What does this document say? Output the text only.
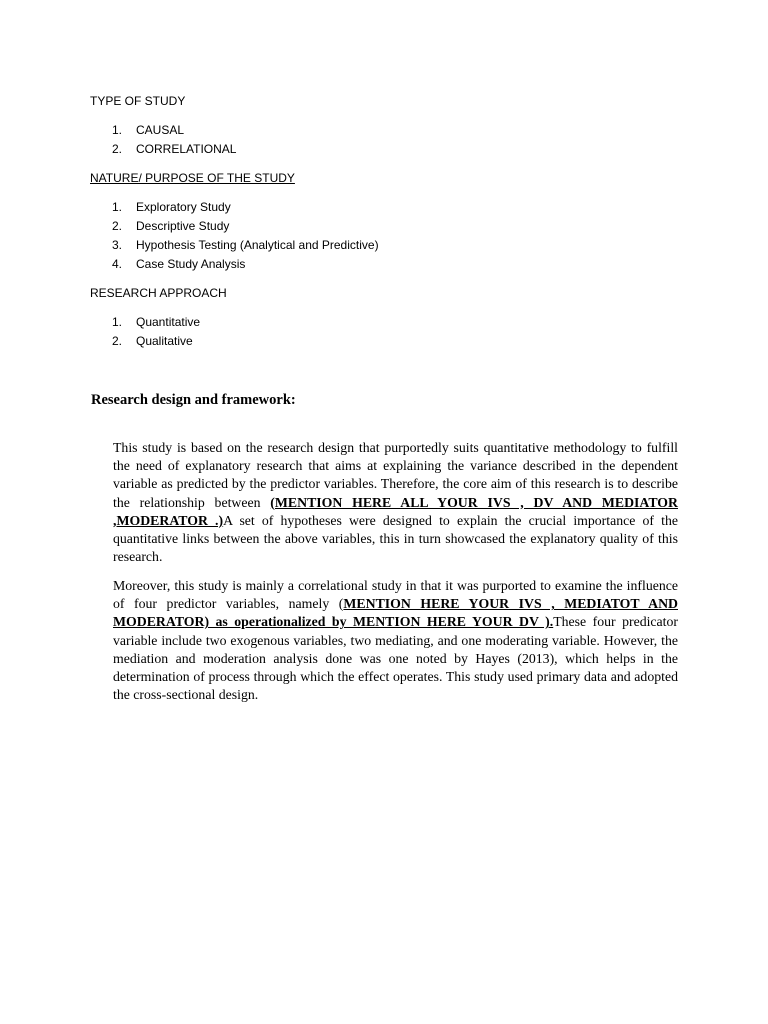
TYPE OF STUDY

1. CAUSAL
2. CORRELATIONAL

NATURE/ PURPOSE OF THE STUDY

1. Exploratory Study
2. Descriptive Study
3. Hypothesis Testing (Analytical and Predictive)
4. Case Study Analysis

RESEARCH APPROACH

1. Quantitative
2. Qualitative

Research design and framework:

This study is based on the research design that purportedly suits quantitative methodology to fulfill the need of explanatory research that aims at explaining the variance described in the dependent variable as predicted by the predictor variables. Therefore, the core aim of this research is to describe the relationship between (MENTION HERE ALL YOUR IVS , DV AND MEDIATOR ,MODERATOR .)A set of hypotheses were designed to explain the crucial importance of the quantitative links between the above variables, this in turn showcased the explanatory quality of this research.

Moreover, this study is mainly a correlational study in that it was purported to examine the influence of four predictor variables, namely (MENTION HERE YOUR IVS , MEDIATOT AND MODERATOR) as operationalized by MENTION HERE YOUR DV ).These four predicator variable include two exogenous variables, two mediating, and one moderating variable. However, the mediation and moderation analysis done was one noted by Hayes (2013), which helps in the determination of process through which the effect operates. This study used primary data and adopted the cross-sectional design.
